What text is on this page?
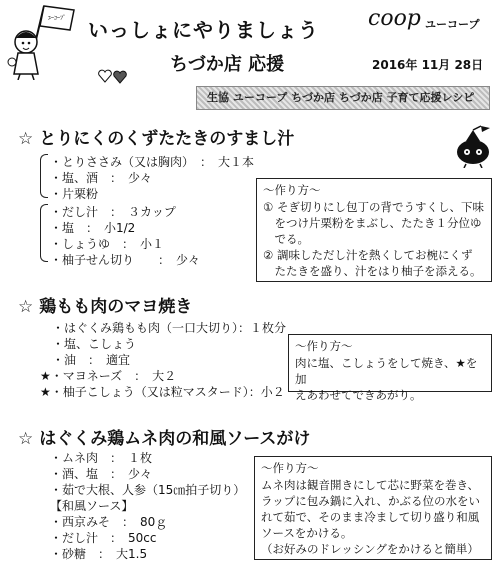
ﾕｰｺｰﾌﾟ いっしょにやりましょう
ちづか店 応援
coop ユーコープ
2016年 11月 28日
生協 ユーコープ ちづか店 ちづか店 子育て応援レシピ
☆ とりにくのくずたたきのすまし汁
・とりささみ（又は胸肉）　：　大１本
・塩、酒　：　少々
・片栗粉
・だし汁　：　３カップ
・塩　：　小1/2
・しょうゆ　：　小１
・柚子せん切り　　：　少々
～作り方～
① そぎ切りにし包丁の背でうすくし、下味
　をつけ片栗粉をまぶし、たたき１分位ゆ
　でる。
② 調味しただし汁を熱くしてお椀にくず
　たたきを盛り、汁をはり柚子を添える。
☆ 鶏もも肉のマヨ焼き
・はぐくみ鶏もも肉（一口大切り）：１枚分
・塩、こしょう
・油　：　適宜
★・マヨネーズ　：　大２
★・柚子こしょう（又は粒マスタード）：小２
～作り方～
肉に塩、こしょうをして焼き、★を加
えあわせてできあがり。
☆ はぐくみ鶏ムネ肉の和風ソースがけ
・ムネ肉　：　１枚
・酒、塩　：　少々
・茹で大根、人参（15㎝拍子切り）
【和風ソース】
・西京みそ　：　80ｇ
・だし汁　：　50cc
・砂糖　：　大1.5
～作り方～
ムネ肉は観音開きにして芯に野菜を巻き、
ラップに包み鍋に入れ、かぶる位の水をい
れて茹で、そのまま冷まして切り盛り和風
ソースをかける。
（お好みのドレッシングをかけると簡単）
